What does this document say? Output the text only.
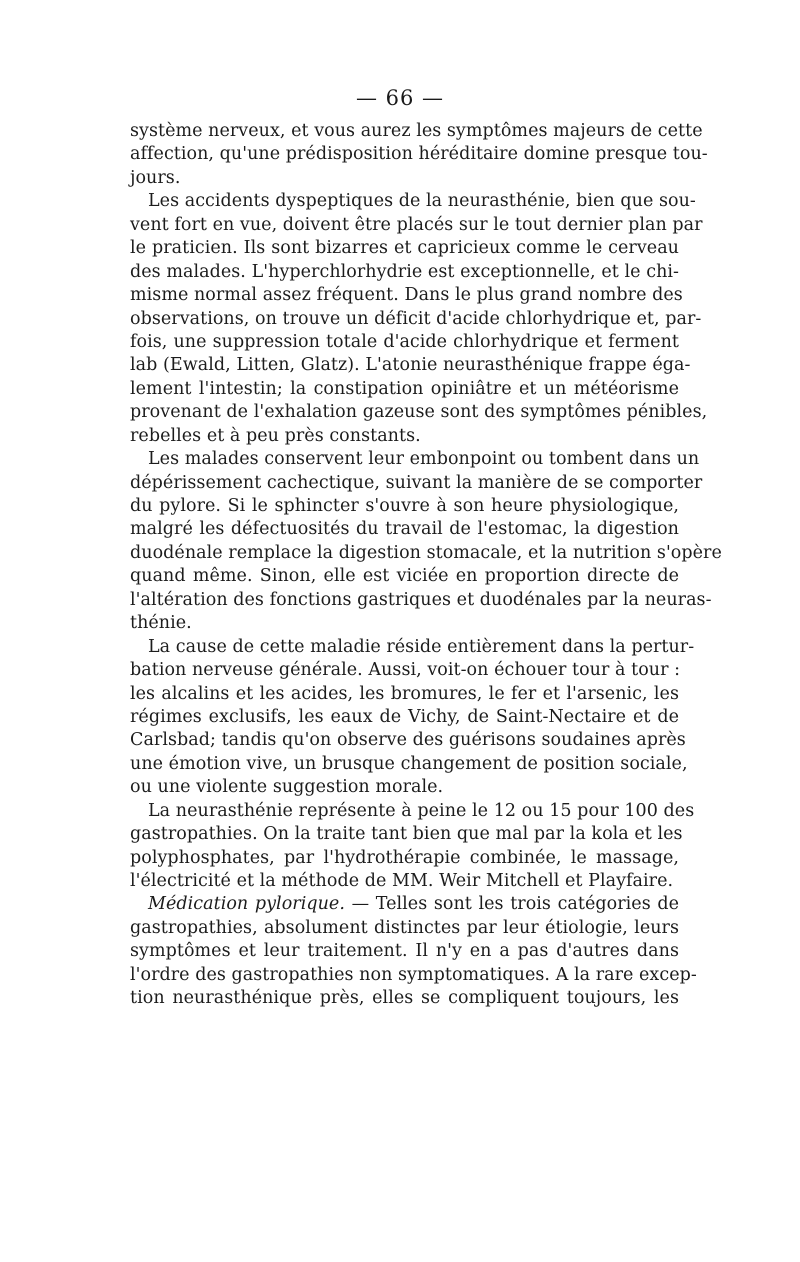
— 66 —
système nerveux, et vous aurez les symptômes majeurs de cette
affection, qu'une prédisposition héréditaire domine presque tou-
jours.
Les accidents dyspeptiques de la neurasthénie, bien que sou-
vent fort en vue, doivent être placés sur le tout dernier plan par
le praticien. Ils sont bizarres et capricieux comme le cerveau
des malades. L'hyperchlorhydrie est exceptionnelle, et le chi-
misme normal assez fréquent. Dans le plus grand nombre des
observations, on trouve un déficit d'acide chlorhydrique et, par-
fois, une suppression totale d'acide chlorhydrique et ferment
lab (Ewald, Litten, Glatz). L'atonie neurasthénique frappe éga-
lement l'intestin; la constipation opiniâtre et un météorisme
provenant de l'exhalation gazeuse sont des symptômes pénibles,
rebelles et à peu près constants.
Les malades conservent leur embonpoint ou tombent dans un
dépérissement cachectique, suivant la manière de se comporter
du pylore. Si le sphincter s'ouvre à son heure physiologique,
malgré les défectuosités du travail de l'estomac, la digestion
duodénale remplace la digestion stomacale, et la nutrition s'opère
quand même. Sinon, elle est viciée en proportion directe de
l'altération des fonctions gastriques et duodénales par la neuras-
thénie.
La cause de cette maladie réside entièrement dans la pertur-
bation nerveuse générale. Aussi, voit-on échouer tour à tour :
les alcalins et les acides, les bromures, le fer et l'arsenic, les
régimes exclusifs, les eaux de Vichy, de Saint-Nectaire et de
Carlsbad; tandis qu'on observe des guérisons soudaines après
une émotion vive, un brusque changement de position sociale,
ou une violente suggestion morale.
La neurasthénie représente à peine le 12 ou 15 pour 100 des
gastropathies. On la traite tant bien que mal par la kola et les
polyphosphates, par l'hydrothérapie combinée, le massage,
l'électricité et la méthode de MM. Weir Mitchell et Playfaire.
Médication pylorique. — Telles sont les trois catégories de
gastropathies, absolument distinctes par leur étiologie, leurs
symptômes et leur traitement. Il n'y en a pas d'autres dans
l'ordre des gastropathies non symptomatiques. A la rare excep-
tion neurasthénique près, elles se compliquent toujours, les
